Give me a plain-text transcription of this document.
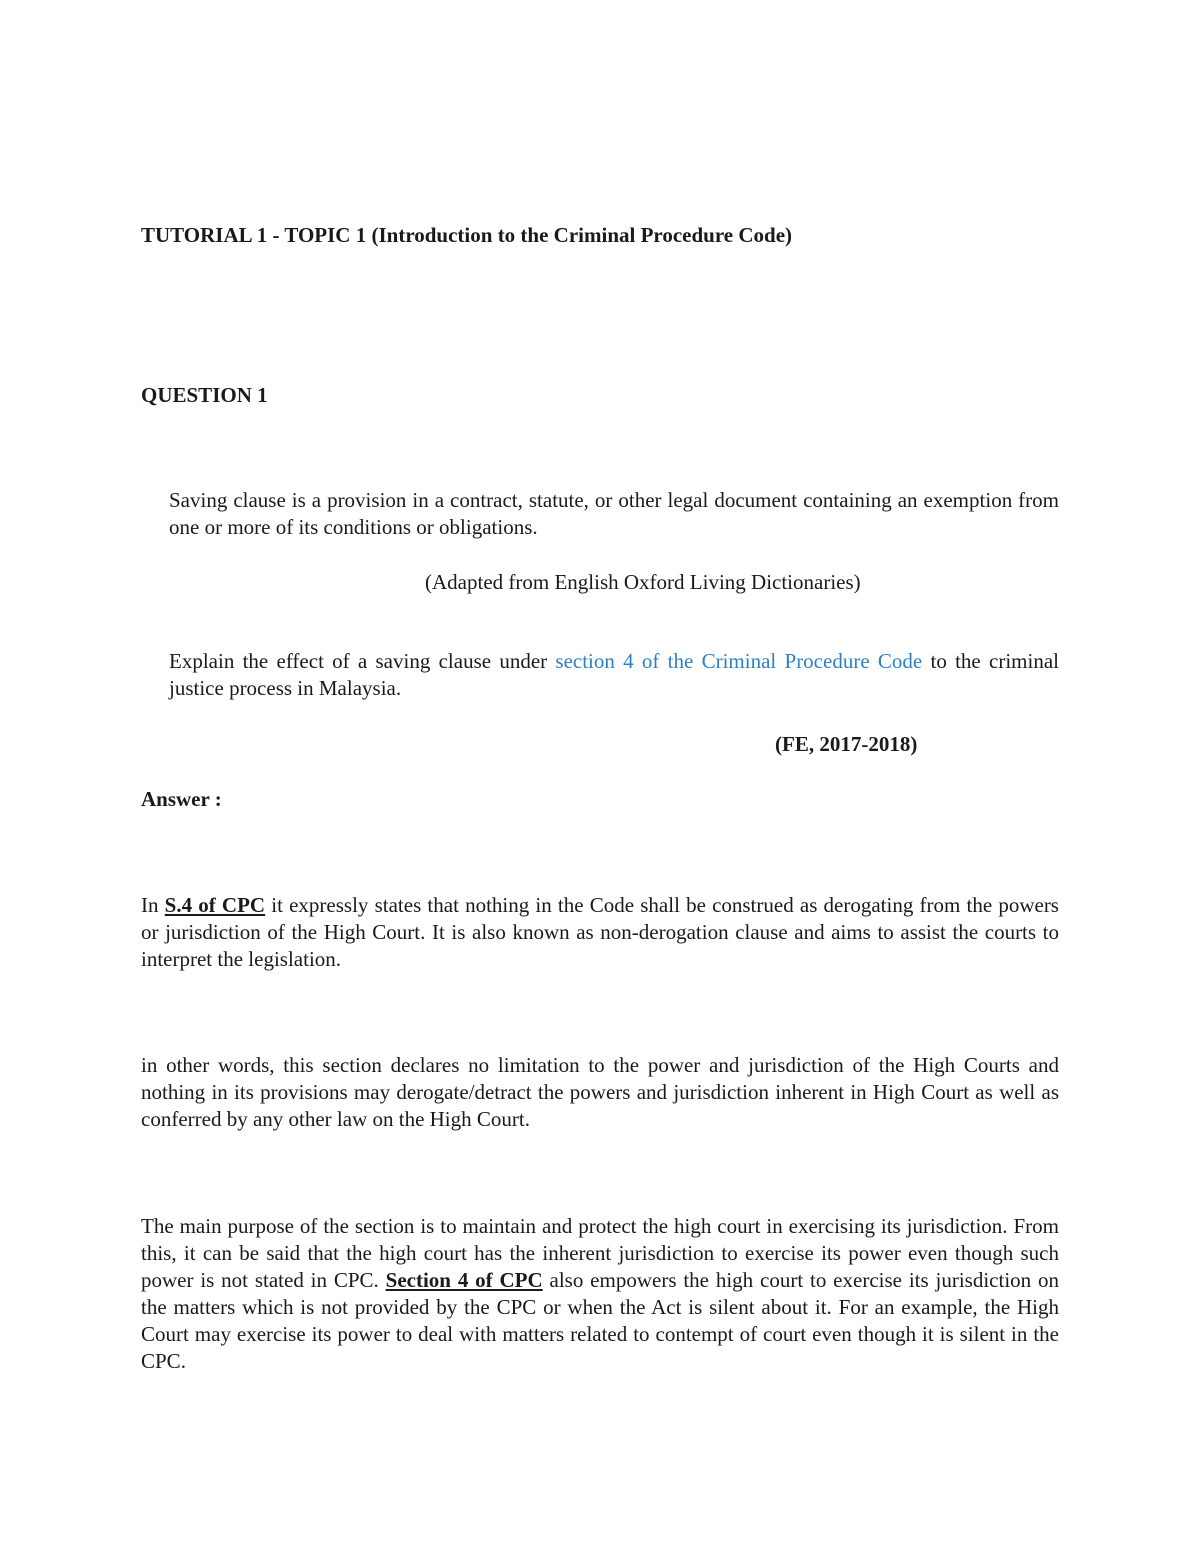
TUTORIAL 1 - TOPIC 1 (Introduction to the Criminal Procedure Code)
QUESTION 1
Saving clause is a provision in a contract, statute, or other legal document containing an exemption from one or more of its conditions or obligations.
(Adapted from English Oxford Living Dictionaries)
Explain the effect of a saving clause under section 4 of the Criminal Procedure Code to the criminal justice process in Malaysia.
(FE, 2017-2018)
Answer :
In S.4 of CPC it expressly states that nothing in the Code shall be construed as derogating from the powers or jurisdiction of the High Court. It is also known as non-derogation clause and aims to assist the courts to interpret the legislation.
in other words, this section declares no limitation to the power and jurisdiction of the High Courts and nothing in its provisions may derogate/detract the powers and jurisdiction inherent in High Court as well as conferred by any other law on the High Court.
The main purpose of the section is to maintain and protect the high court in exercising its jurisdiction. From this, it can be said that the high court has the inherent jurisdiction to exercise its power even though such power is not stated in CPC. Section 4 of CPC also empowers the high court to exercise its jurisdiction on the matters which is not provided by the CPC or when the Act is silent about it. For an example, the High Court may exercise its power to deal with matters related to contempt of court even though it is silent in the CPC.
